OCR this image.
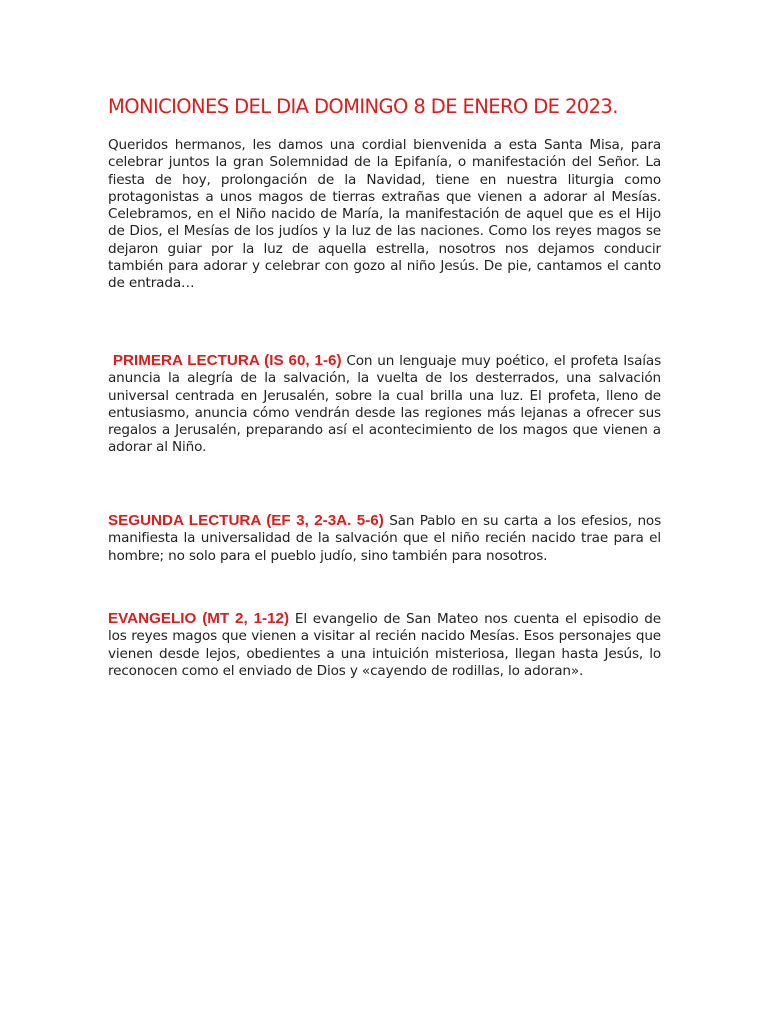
MONICIONES DEL DIA DOMINGO 8 DE ENERO DE 2023.

Queridos hermanos, les damos una cordial bienvenida a esta Santa Misa, para celebrar juntos la gran Solemnidad de la Epifanía, o manifestación del Señor. La fiesta de hoy, prolongación de la Navidad, tiene en nuestra liturgia como protagonistas a unos magos de tierras extrañas que vienen a adorar al Mesías. Celebramos, en el Niño nacido de María, la manifestación de aquel que es el Hijo de Dios, el Mesías de los judíos y la luz de las naciones. Como los reyes magos se dejaron guiar por la luz de aquella estrella, nosotros nos dejamos conducir también para adorar y celebrar con gozo al niño Jesús. De pie, cantamos el canto de entrada…

PRIMERA LECTURA (IS 60, 1-6) Con un lenguaje muy poético, el profeta Isaías anuncia la alegría de la salvación, la vuelta de los desterrados, una salvación universal centrada en Jerusalén, sobre la cual brilla una luz. El profeta, lleno de entusiasmo, anuncia cómo vendrán desde las regiones más lejanas a ofrecer sus regalos a Jerusalén, preparando así el acontecimiento de los magos que vienen a adorar al Niño.

SEGUNDA LECTURA (EF 3, 2-3A. 5-6) San Pablo en su carta a los efesios, nos manifiesta la universalidad de la salvación que el niño recién nacido trae para el hombre; no solo para el pueblo judío, sino también para nosotros.

EVANGELIO (MT 2, 1-12) El evangelio de San Mateo nos cuenta el episodio de los reyes magos que vienen a visitar al recién nacido Mesías. Esos personajes que vienen desde lejos, obedientes a una intuición misteriosa, llegan hasta Jesús, lo reconocen como el enviado de Dios y «cayendo de rodillas, lo adoran».
